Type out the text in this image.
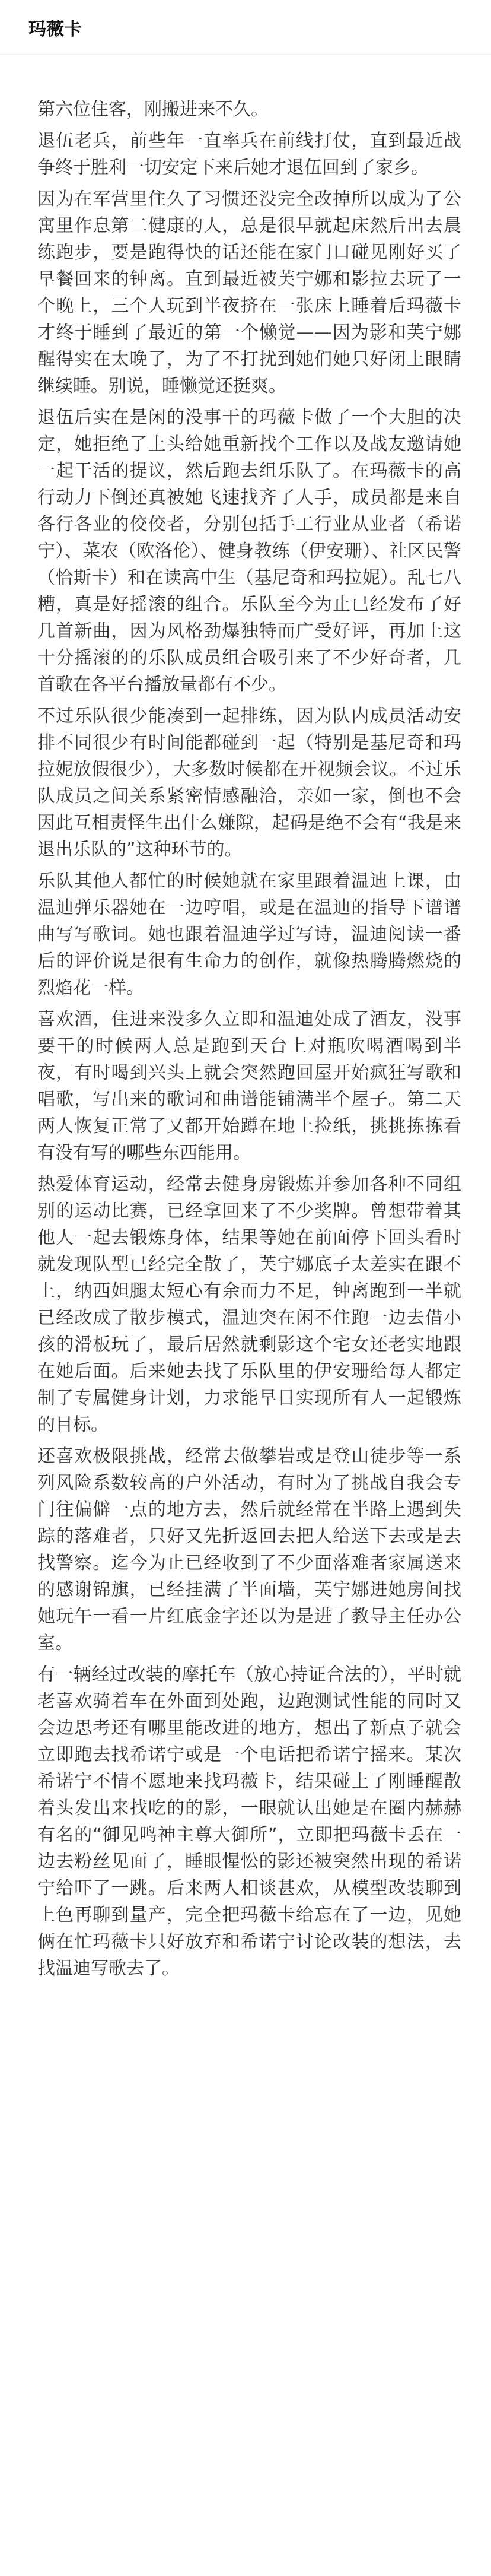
玛薇卡

第六位住客，刚搬进来不久。

退伍老兵，前些年一直率兵在前线打仗，直到最近战争终于胜利一切安定下来后她才退伍回到了家乡。

因为在军营里住久了习惯还没完全改掉所以成为了公寓里作息第二健康的人，总是很早就起床然后出去晨练跑步，要是跑得快的话还能在家门口碰见刚好买了早餐回来的钟离。直到最近被芙宁娜和影拉去玩了一个晚上，三个人玩到半夜挤在一张床上睡着后玛薇卡才终于睡到了最近的第一个懒觉——因为影和芙宁娜醒得实在太晚了，为了不打扰到她们她只好闭上眼睛继续睡。别说，睡懒觉还挺爽。

退伍后实在是闲的没事干的玛薇卡做了一个大胆的决定，她拒绝了上头给她重新找个工作以及战友邀请她一起干活的提议，然后跑去组乐队了。在玛薇卡的高行动力下倒还真被她飞速找齐了人手，成员都是来自各行各业的佼佼者，分别包括手工行业从业者（希诺宁）、菜农（欧洛伦）、健身教练（伊安珊）、社区民警（恰斯卡）和在读高中生（基尼奇和玛拉妮）。乱七八糟，真是好摇滚的组合。乐队至今为止已经发布了好几首新曲，因为风格劲爆独特而广受好评，再加上这十分摇滚的的乐队成员组合吸引来了不少好奇者，几首歌在各平台播放量都有不少。

不过乐队很少能凑到一起排练，因为队内成员活动安排不同很少有时间能都碰到一起（特别是基尼奇和玛拉妮放假很少），大多数时候都在开视频会议。不过乐队成员之间关系紧密情感融洽，亲如一家，倒也不会因此互相责怪生出什么嫌隙，起码是绝不会有“我是来退出乐队的”这种环节的。

乐队其他人都忙的时候她就在家里跟着温迪上课，由温迪弹乐器她在一边哼唱，或是在温迪的指导下谱谱曲写写歌词。她也跟着温迪学过写诗，温迪阅读一番后的评价说是很有生命力的创作，就像热腾腾燃烧的烈焰花一样。

喜欢酒，住进来没多久立即和温迪处成了酒友，没事要干的时候两人总是跑到天台上对瓶吹喝酒喝到半夜，有时喝到兴头上就会突然跑回屋开始疯狂写歌和唱歌，写出来的歌词和曲谱能铺满半个屋子。第二天两人恢复正常了又都开始蹲在地上捡纸，挑挑拣拣看有没有写的哪些东西能用。

热爱体育运动，经常去健身房锻炼并参加各种不同组别的运动比赛，已经拿回来了不少奖牌。曾想带着其他人一起去锻炼身体，结果等她在前面停下回头看时就发现队型已经完全散了，芙宁娜底子太差实在跟不上，纳西妲腿太短心有余而力不足，钟离跑到一半就已经改成了散步模式，温迪突在闲不住跑一边去借小孩的滑板玩了，最后居然就剩影这个宅女还老实地跟在她后面。后来她去找了乐队里的伊安珊给每人都定制了专属健身计划，力求能早日实现所有人一起锻炼的目标。

还喜欢极限挑战，经常去做攀岩或是登山徒步等一系列风险系数较高的户外活动，有时为了挑战自我会专门往偏僻一点的地方去，然后就经常在半路上遇到失踪的落难者，只好又先折返回去把人给送下去或是去找警察。迄今为止已经收到了不少面落难者家属送来的感谢锦旗，已经挂满了半面墙，芙宁娜进她房间找她玩午一看一片红底金字还以为是进了教导主任办公室。

有一辆经过改装的摩托车（放心持证合法的），平时就老喜欢骑着车在外面到处跑，边跑测试性能的同时又会边思考还有哪里能改进的地方，想出了新点子就会立即跑去找希诺宁或是一个电话把希诺宁摇来。某次希诺宁不情不愿地来找玛薇卡，结果碰上了刚睡醒散着头发出来找吃的的影，一眼就认出她是在圈内赫赫有名的“御见鸣神主尊大御所”，立即把玛薇卡丢在一边去粉丝见面了，睡眼惺忪的影还被突然出现的希诺宁给吓了一跳。后来两人相谈甚欢，从模型改装聊到上色再聊到量产，完全把玛薇卡给忘在了一边，见她俩在忙玛薇卡只好放弃和希诺宁讨论改装的想法，去找温迪写歌去了。
